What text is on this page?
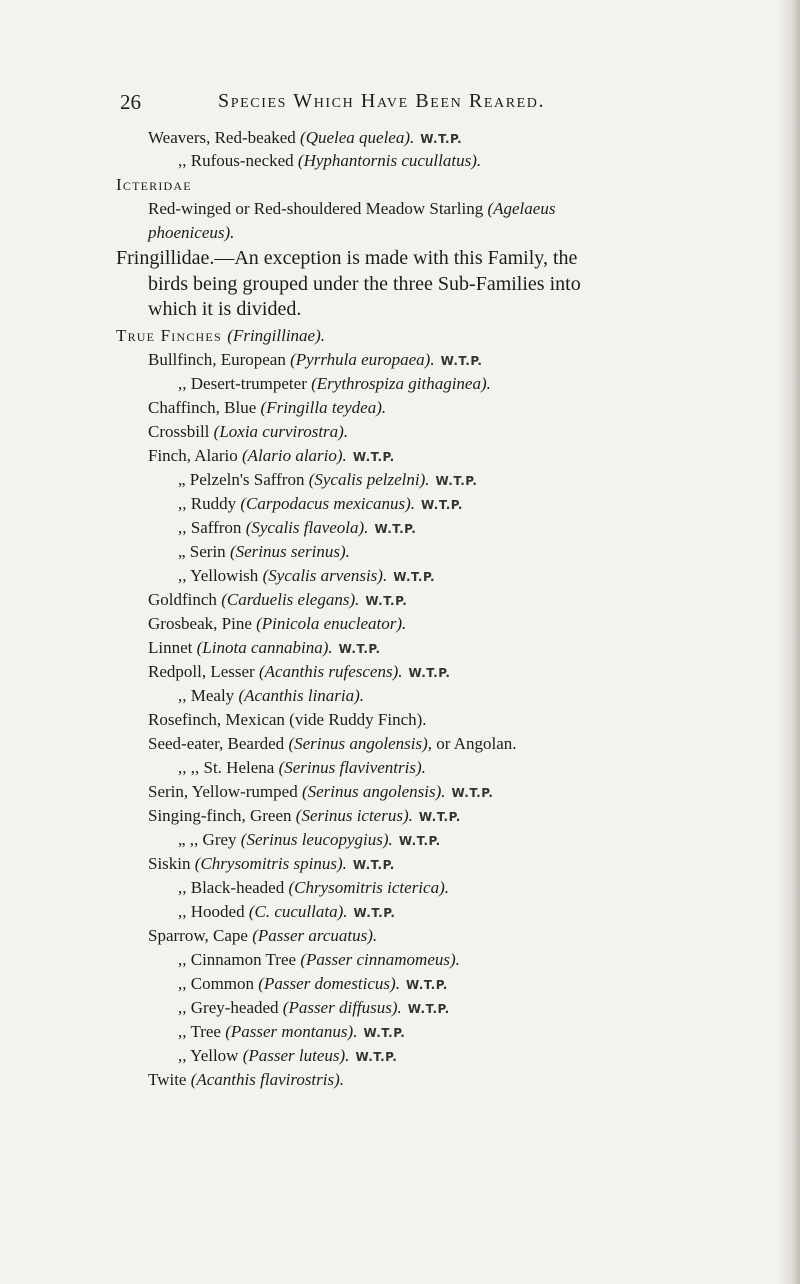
26	Species Which Have Been Reared.
Weavers, Red-beaked (Quelea quelea). W.T.P.
,, Rufous-necked (Hyphantornis cucullatus).
Icteridae
Red-winged or Red-shouldered Meadow Starling (Agelaeus
phoeniceus).
Fringillidae.—An exception is made with this Family, the
birds being grouped under the three Sub-Families into
which it is divided.
True Finches (Fringillinae).
Bullfinch, European (Pyrrhula europaea). W.T.P.
,, Desert-trumpeter (Erythrospiza githaginea).
Chaffinch, Blue (Fringilla teydea).
Crossbill (Loxia curvirostra).
Finch, Alario (Alario alario). W.T.P.
„ Pelzeln's Saffron (Sycalis pelzelni). W.T.P.
,, Ruddy (Carpodacus mexicanus). W.T.P.
,, Saffron (Sycalis flaveola). W.T.P.
„ Serin (Serinus serinus).
,, Yellowish (Sycalis arvensis). W.T.P.
Goldfinch (Carduelis elegans). W.T.P.
Grosbeak, Pine (Pinicola enucleator).
Linnet (Linota cannabina). W.T.P.
Redpoll, Lesser (Acanthis rufescens). W.T.P.
,, Mealy (Acanthis linaria).
Rosefinch, Mexican (vide Ruddy Finch).
Seed-eater, Bearded (Serinus angolensis), or Angolan.
,, ,, St. Helena (Serinus flaviventris).
Serin, Yellow-rumped (Serinus angolensis). W.T.P.
Singing-finch, Green (Serinus icterus). W.T.P.
„ ,, Grey (Serinus leucopygius). W.T.P.
Siskin (Chrysomitris spinus). W.T.P.
,, Black-headed (Chrysomitris icterica).
,, Hooded (C. cucullata). W.T.P.
Sparrow, Cape (Passer arcuatus).
,, Cinnamon Tree (Passer cinnamomeus).
,, Common (Passer domesticus). W.T.P.
,, Grey-headed (Passer diffusus). W.T.P.
,, Tree (Passer montanus). W.T.P.
,, Yellow (Passer luteus). W.T.P.
Twite (Acanthis flavirostris).
